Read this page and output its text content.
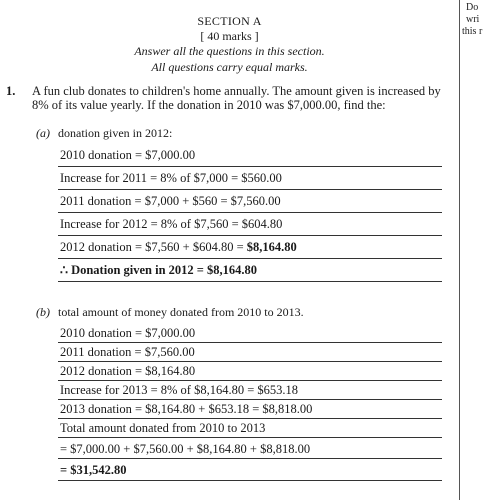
Do
wri
this r
SECTION A
[ 40 marks ]
Answer all the questions in this section.
All questions carry equal marks.
1. A fun club donates to children's home annually. The amount given is increased by 8% of its value yearly. If the donation in 2010 was $7,000.00, find the:
(a) donation given in 2012:
2010 donation = $7,000.00
Increase for 2011 = 8% of $7,000 = $560.00
2011 donation = $7,000 + $560 = $7,560.00
Increase for 2012 = 8% of $7,560 = $604.80
2012 donation = $7,560 + $604.80 = $8,164.80
∴ Donation given in 2012 = $8,164.80
(b) total amount of money donated from 2010 to 2013.
2010 donation = $7,000.00
2011 donation = $7,560.00
2012 donation = $8,164.80
Increase for 2013 = 8% of $8,164.80 = $653.18
2013 donation = $8,164.80 + $653.18 = $8,818.00
Total amount donated from 2010 to 2013
= $7,000.00 + $7,560.00 + $8,164.80 + $8,818.00
= $31,542.80
